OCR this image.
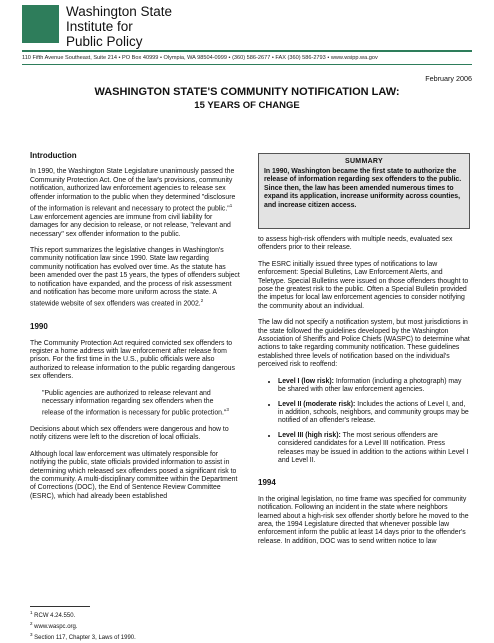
Washington State
Institute for
Public Policy
110 Fifth Avenue Southeast, Suite 214 • PO Box 40999 • Olympia, WA 98504-0999 • (360) 586-2677 • FAX (360) 586-2793 • www.wsipp.wa.gov
February 2006
WASHINGTON STATE'S COMMUNITY NOTIFICATION LAW:
15 YEARS OF CHANGE
Introduction

In 1990, the Washington State Legislature unanimously passed the Community Protection Act. One of the law's provisions, community notification, authorized law enforcement agencies to release sex offender information to the public when they determined "disclosure of the information is relevant and necessary to protect the public."$^1$ Law enforcement agencies are immune from civil liability for damages for any decision to release, or not release, "relevant and necessary" sex offender information to the public.

This report summarizes the legislative changes in Washington's community notification law since 1990. State law regarding community notification has evolved over time. As the statute has been amended over the past 15 years, the types of offenders subject to notification have expanded, and the process of risk assessment and notification has become more uniform across the state. A statewide website of sex offenders was created in 2002.$^2$

1990

The Community Protection Act required convicted sex offenders to register a home address with law enforcement after release from prison. For the first time in the U.S., public officials were also authorized to release information to the public regarding dangerous sex offenders.

"Public agencies are authorized to release relevant and necessary information regarding sex offenders when the release of the information is necessary for public protection."$^3$

Decisions about which sex offenders were dangerous and how to notify citizens were left to the discretion of local officials.

Although local law enforcement was ultimately responsible for notifying the public, state officials provided information to assist in determining which released sex offenders posed a significant risk to the community. A multi-disciplinary committee within the Department of Corrections (DOC), the End of Sentence Review Committee (ESRC), which had already been established

SUMMARY
In 1990, Washington became the first state to authorize the release of information regarding sex offenders to the public. Since then, the law has been amended numerous times to expand its application, increase uniformity across counties, and increase citizen access.

to assess high-risk offenders with multiple needs, evaluated sex offenders prior to their release.

The ESRC initially issued three types of notifications to law enforcement: Special Bulletins, Law Enforcement Alerts, and Teletype. Special Bulletins were issued on those offenders thought to pose the greatest risk to the public. Often a Special Bulletin provided the impetus for local law enforcement agencies to consider notifying the community about an individual.

The law did not specify a notification system, but most jurisdictions in the state followed the guidelines developed by the Washington Association of Sheriffs and Police Chiefs (WASPC) to determine what actions to take regarding community notification. These guidelines established three levels of notification based on the individual's perceived risk to reoffend:

• Level I (low risk): Information (including a photograph) may be shared with other law enforcement agencies.
• Level II (moderate risk): Includes the actions of Level I, and, in addition, schools, neighbors, and community groups may be notified of an offender's release.
• Level III (high risk): The most serious offenders are considered candidates for a Level III notification. Press releases may be issued in addition to the actions within Level I and Level II.
1994

In the original legislation, no time frame was specified for community notification. Following an incident in the state where neighbors learned about a high-risk sex offender shortly before he moved to the area, the 1994 Legislature directed that whenever possible law enforcement inform the public at least 14 days prior to the offender's release. In addition, DOC was to send written notice to law

$^1$ RCW 4.24.550.
$^2$ www.waspc.org.
$^3$ Section 117, Chapter 3, Laws of 1990.
